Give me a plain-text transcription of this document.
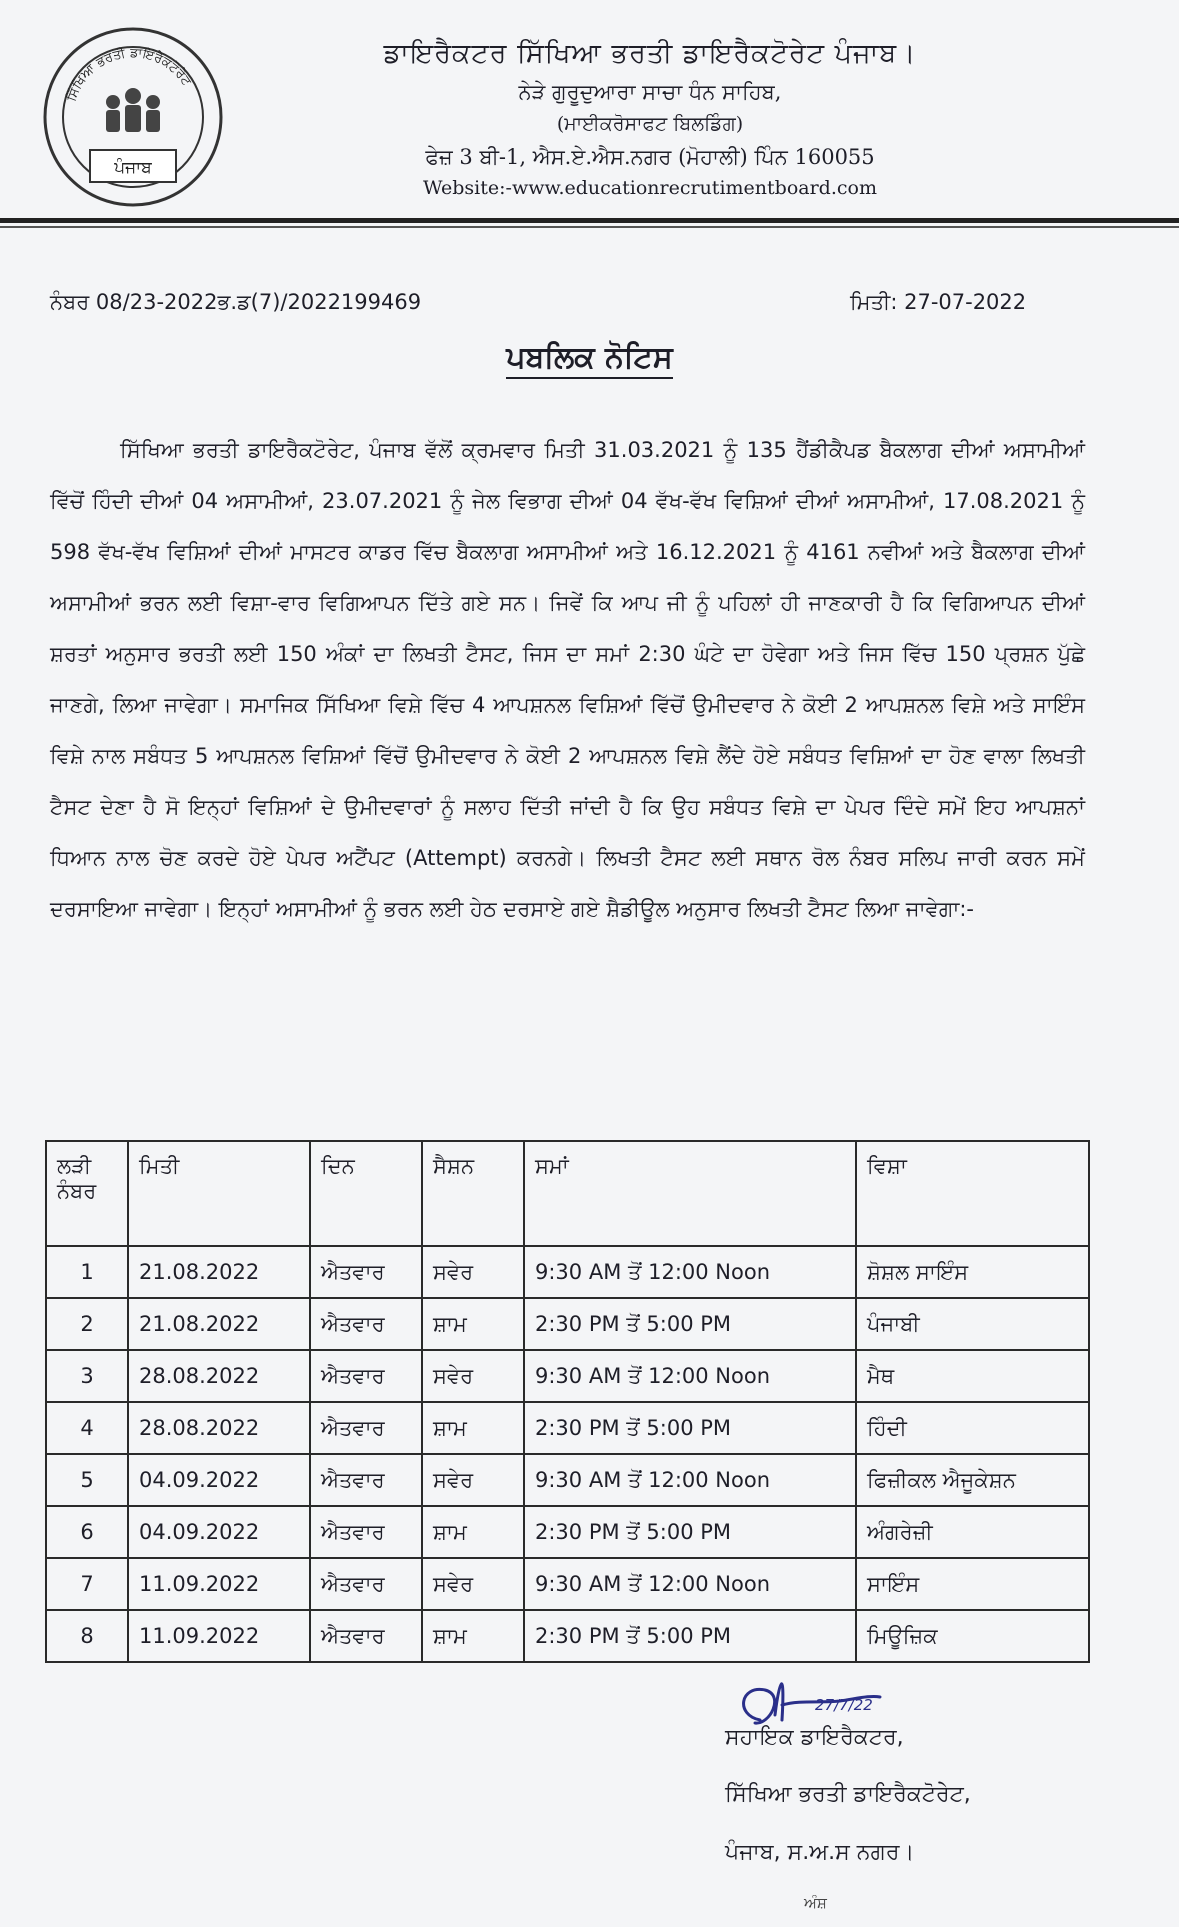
ਸਿੱਖਿਆ ਭਰਤੀ ਡਾਇਰੈਕਟੋਰੇਟ
ਪੰਜਾਬ
ਡਾਇਰੈਕਟਰ ਸਿੱਖਿਆ ਭਰਤੀ ਡਾਇਰੈਕਟੋਰੇਟ ਪੰਜਾਬ।
ਨੇੜੇ ਗੁਰੂਦੁਆਰਾ ਸਾਚਾ ਧੰਨ ਸਾਹਿਬ,
(ਮਾਈਕਰੋਸਾਫਟ ਬਿਲਡਿੰਗ)
ਫੇਜ਼ 3 ਬੀ-1, ਐਸ.ਏ.ਐਸ.ਨਗਰ (ਮੋਹਾਲੀ) ਪਿੰਨ 160055
Website:-www.educationrecrutimentboard.com
ਨੰਬਰ 08/23-2022ਭ.ਡ(7)/2022199469	ਮਿਤੀ: 27-07-2022
ਪਬਲਿਕ ਨੋਟਿਸ
ਸਿੱਖਿਆ ਭਰਤੀ ਡਾਇਰੈਕਟੋਰੇਟ, ਪੰਜਾਬ ਵੱਲੋਂ ਕ੍ਰਮਵਾਰ ਮਿਤੀ 31.03.2021 ਨੂੰ 135 ਹੈਂਡੀਕੈਪਡ ਬੈਕਲਾਗ ਦੀਆਂ ਅਸਾਮੀਆਂ ਵਿੱਚੋਂ ਹਿੰਦੀ ਦੀਆਂ 04 ਅਸਾਮੀਆਂ, 23.07.2021 ਨੂੰ ਜੇਲ ਵਿਭਾਗ ਦੀਆਂ 04 ਵੱਖ-ਵੱਖ ਵਿਸ਼ਿਆਂ ਦੀਆਂ ਅਸਾਮੀਆਂ, 17.08.2021 ਨੂੰ 598 ਵੱਖ-ਵੱਖ ਵਿਸ਼ਿਆਂ ਦੀਆਂ ਮਾਸਟਰ ਕਾਡਰ ਵਿੱਚ ਬੈਕਲਾਗ ਅਸਾਮੀਆਂ ਅਤੇ 16.12.2021 ਨੂੰ 4161 ਨਵੀਆਂ ਅਤੇ ਬੈਕਲਾਗ ਦੀਆਂ ਅਸਾਮੀਆਂ ਭਰਨ ਲਈ ਵਿਸ਼ਾ-ਵਾਰ ਵਿਗਿਆਪਨ ਦਿੱਤੇ ਗਏ ਸਨ। ਜਿਵੇਂ ਕਿ ਆਪ ਜੀ ਨੂੰ ਪਹਿਲਾਂ ਹੀ ਜਾਣਕਾਰੀ ਹੈ ਕਿ ਵਿਗਿਆਪਨ ਦੀਆਂ ਸ਼ਰਤਾਂ ਅਨੁਸਾਰ ਭਰਤੀ ਲਈ 150 ਅੰਕਾਂ ਦਾ ਲਿਖਤੀ ਟੈਸਟ, ਜਿਸ ਦਾ ਸਮਾਂ 2:30 ਘੰਟੇ ਦਾ ਹੋਵੇਗਾ ਅਤੇ ਜਿਸ ਵਿੱਚ 150 ਪ੍ਰਸ਼ਨ ਪੁੱਛੇ ਜਾਣਗੇ, ਲਿਆ ਜਾਵੇਗਾ। ਸਮਾਜਿਕ ਸਿੱਖਿਆ ਵਿਸ਼ੇ ਵਿੱਚ 4 ਆਪਸ਼ਨਲ ਵਿਸ਼ਿਆਂ ਵਿੱਚੋਂ ਉਮੀਦਵਾਰ ਨੇ ਕੋਈ 2 ਆਪਸ਼ਨਲ ਵਿਸ਼ੇ ਅਤੇ ਸਾਇੰਸ ਵਿਸ਼ੇ ਨਾਲ ਸਬੰਧਤ 5 ਆਪਸ਼ਨਲ ਵਿਸ਼ਿਆਂ ਵਿੱਚੋਂ ਉਮੀਦਵਾਰ ਨੇ ਕੋਈ 2 ਆਪਸ਼ਨਲ ਵਿਸ਼ੇ ਲੈਂਦੇ ਹੋਏ ਸਬੰਧਤ ਵਿਸ਼ਿਆਂ ਦਾ ਹੋਣ ਵਾਲਾ ਲਿਖਤੀ ਟੈਸਟ ਦੇਣਾ ਹੈ ਸੋ ਇਨ੍ਹਾਂ ਵਿਸ਼ਿਆਂ ਦੇ ਉਮੀਦਵਾਰਾਂ ਨੂੰ ਸਲਾਹ ਦਿੱਤੀ ਜਾਂਦੀ ਹੈ ਕਿ ਉਹ ਸਬੰਧਤ ਵਿਸ਼ੇ ਦਾ ਪੇਪਰ ਦਿੰਦੇ ਸਮੇਂ ਇਹ ਆਪਸ਼ਨਾਂ ਧਿਆਨ ਨਾਲ ਚੋਣ ਕਰਦੇ ਹੋਏ ਪੇਪਰ ਅਟੈਂਪਟ (Attempt) ਕਰਨਗੇ। ਲਿਖਤੀ ਟੈਸਟ ਲਈ ਸਥਾਨ ਰੋਲ ਨੰਬਰ ਸਲਿਪ ਜਾਰੀ ਕਰਨ ਸਮੇਂ ਦਰਸਾਇਆ ਜਾਵੇਗਾ। ਇਨ੍ਹਾਂ ਅਸਾਮੀਆਂ ਨੂੰ ਭਰਨ ਲਈ ਹੇਠ ਦਰਸਾਏ ਗਏ ਸ਼ੈਡੀਊਲ ਅਨੁਸਾਰ ਲਿਖਤੀ ਟੈਸਟ ਲਿਆ ਜਾਵੇਗਾ:-
ਲੜੀ ਨੰਬਰ	ਮਿਤੀ	ਦਿਨ	ਸੈਸ਼ਨ	ਸਮਾਂ	ਵਿਸ਼ਾ
1	21.08.2022	ਐਤਵਾਰ	ਸਵੇਰ	9:30 AM ਤੋਂ 12:00 Noon	ਸ਼ੋਸ਼ਲ ਸਾਇੰਸ
2	21.08.2022	ਐਤਵਾਰ	ਸ਼ਾਮ	2:30 PM ਤੋਂ 5:00 PM	ਪੰਜਾਬੀ
3	28.08.2022	ਐਤਵਾਰ	ਸਵੇਰ	9:30 AM ਤੋਂ 12:00 Noon	ਮੈਥ
4	28.08.2022	ਐਤਵਾਰ	ਸ਼ਾਮ	2:30 PM ਤੋਂ 5:00 PM	ਹਿੰਦੀ
5	04.09.2022	ਐਤਵਾਰ	ਸਵੇਰ	9:30 AM ਤੋਂ 12:00 Noon	ਫਿਜ਼ੀਕਲ ਐਜੂਕੇਸ਼ਨ
6	04.09.2022	ਐਤਵਾਰ	ਸ਼ਾਮ	2:30 PM ਤੋਂ 5:00 PM	ਅੰਗਰੇਜ਼ੀ
7	11.09.2022	ਐਤਵਾਰ	ਸਵੇਰ	9:30 AM ਤੋਂ 12:00 Noon	ਸਾਇੰਸ
8	11.09.2022	ਐਤਵਾਰ	ਸ਼ਾਮ	2:30 PM ਤੋਂ 5:00 PM	ਮਿਊਜ਼ਿਕ
27/7/22
ਸਹਾਇਕ ਡਾਇਰੈਕਟਰ,
ਸਿੱਖਿਆ ਭਰਤੀ ਡਾਇਰੈਕਟੋਰੇਟ,
ਪੰਜਾਬ, ਸ.ਅ.ਸ ਨਗਰ।
ਅੰਸ਼
